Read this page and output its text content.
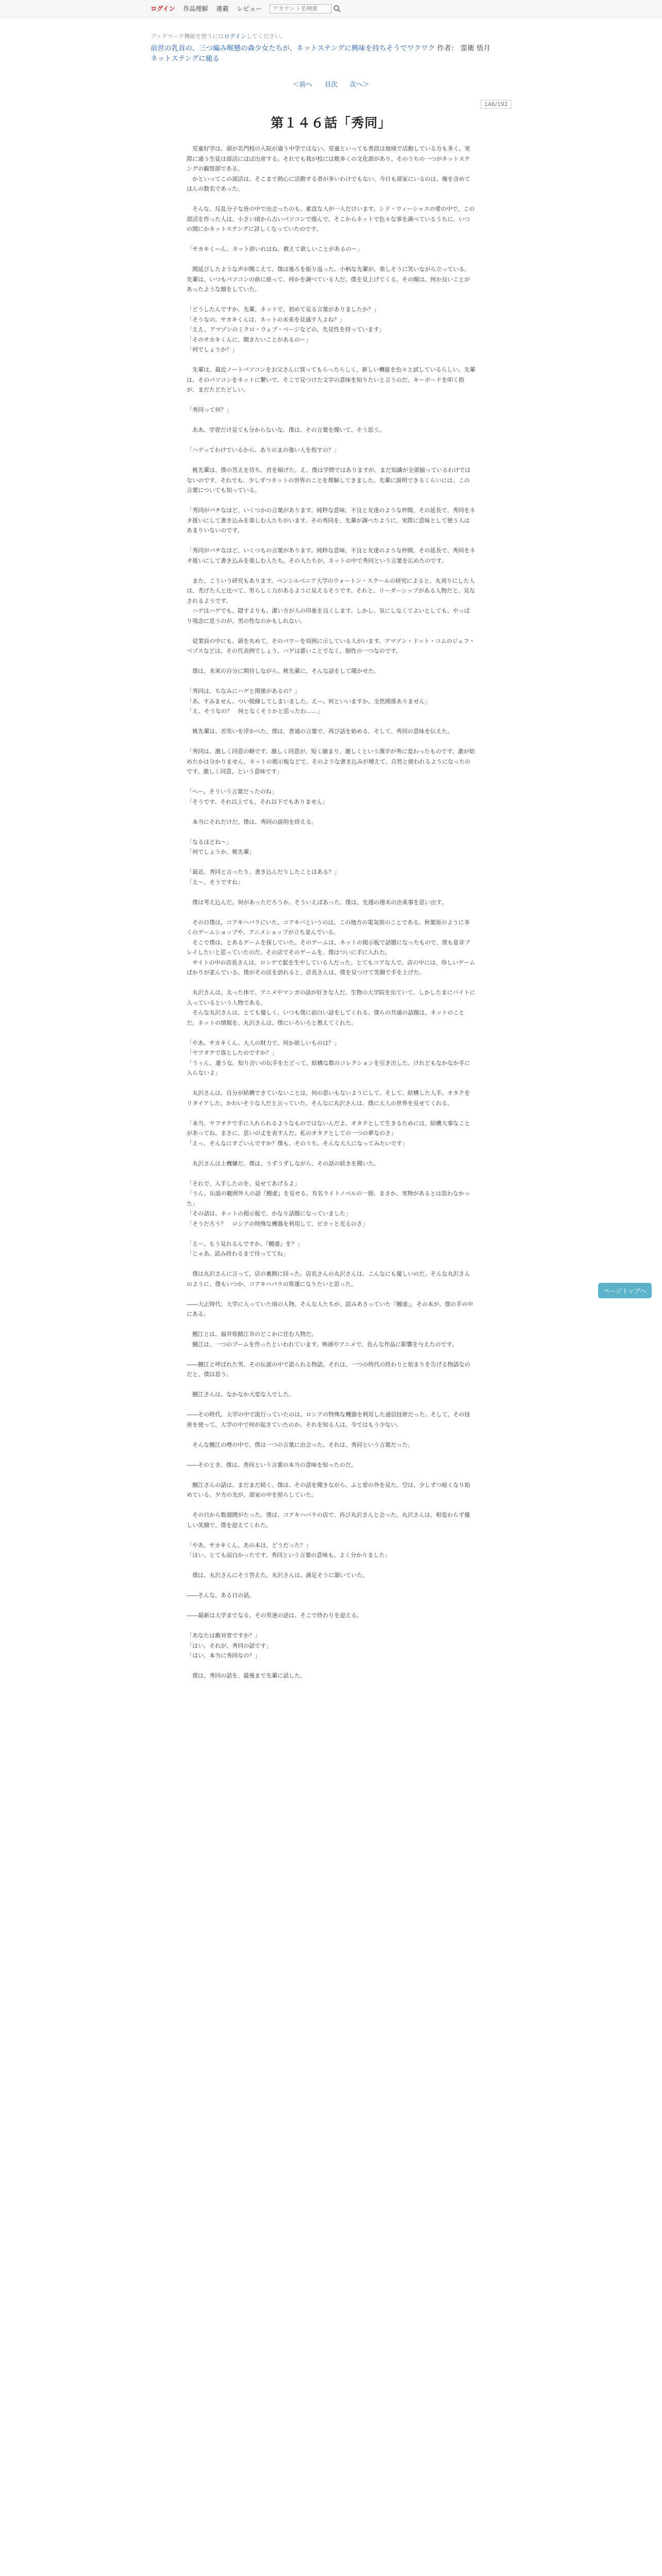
ログイン 作品理解 連載 レビュー
アカウント名検索
ブックマーク機能を使うにはログインしてください。
前世の乳首の、三つ編み喉懸の森少女たちが、ネットステングに興味を持ちそうでワクワク 作者： 霊衛 悟月
ネットステングに縋る
＜前へ 目次 次へ＞
146/192
第１４６話「秀同」
　児童好学は、頭が名門校の入院が通う中学ではない。児童といっても普段は地域で活動している方も多く、実際に通う生徒は部活にほぼ出席する。それでも我が校には数多くの文化部があり、そのうちの一つがネットステングの観察部である。
　かといってこの部活は、そこまで熱心に活動する者が多いわけでもない。今日も部室にいるのは、俺を含めてほんの数名であった。

　そんな、反乱分子な皆の中で出会ったのも、素直な人が一人だけいます。シド・ウィーシャスの愛の中で、この部活を作った人は、小さい頃から古いパソコンで遊んで、そこからネットで色々な事を調べているうちに、いつの間にかネットステングに詳しくなっていたのです。

「サカキくーん、ネット辞いれはね、教えて欲しいことがあるの〜」

　間延びしたような声が聞こえて、僕は後ろを振り返った。小柄な先輩が、楽しそうに笑いながら立っている。先輩は、いつもパソコンの前に座って、何かを調べている人だ。僕を見上げてくる。その顔は、何か良いことがあったような顔をしていた。

「どうしたんですか、先輩。ネットで、初めて見る言葉がありましたか？」
「そうなの。サカキくんは、ネットの未来を見通す人よね？」
「ええ、アマゾンのミクロ・ウェブ・ページなどの、先見性を持っています」
「そのサカキくんに、聞きたいことがあるの〜」
「何でしょうか？」

　先輩は、最近ノートパソコンをお父さんに買ってもらったらしく、新しい機能を色々と試しているらしい。先輩は、そのパソコンをネットに繋いで、そこで見つけた文字の意味を知りたいと言うのだ。キーボードを叩く指が、まだたどたどしい。

「秀同って何？」

　ああ、学習だけ見ても分からないな。僕は、その言葉を聞いて、そう思う。

「ハゲってわけでいるから、ありのまの強い人を指すの？」

　桃先輩は、僕の答えを待ち、首を傾げた。え、僕は学問ではありますが、まだ知識が全部揃っているわけではないのです。それでも、少しずつネットの世界のことを理解してきました。先輩に説明できるくらいには、この言葉についても知っている。

「秀同がバチなほど、いくつかの言葉があります。純粋な意味、不良と友達のような仲間、その延長で、秀同をネタ扱いにして書き込みを楽しむ人たちがいます。その秀同を、先輩が調べたように、実際に意味として使う人はあまりいないのです。

「秀同がバチなほど、いくつもの言葉があります。純粋な意味、不良と友達のような仲間、その延長で、秀同をネタ扱いにして書き込みを楽しむ人たち。その人たちが、ネットの中で秀同という言葉を広めたのです。

　また、こういう研究もあります。ペンシルベニア大学のウォートン・スクールの研究によると、丸刈りにした人は、禿げた人と比べて、男らしく力があるように見えるそうです。それと、リーダーシップがある人物だと、見なされるようです。
　ハゲはハゲでも、隠すよりも、潔い方が人の印象を良くします。しかし、気にしなくてよいとしても、やっぱり残念に思うのが、男の性なのかもしれない。

　従業員の中にも、頭を丸めて、そのパワーを周囲に示している人がいます。アマゾン・ドット・コムのジェフ・ベゾスなどは、その代表例でしょう。ハゲは悪いことでなく、個性の一つなのです。

　僕は、未来の自分に期待しながら、桃先輩に、そんな話をして聞かせた。

「秀同は、ちなみにハゲと関係があるの？」
「あ、すみません。つい脱線してしまいました。えー、何といいますか、全然関係ありません」
「え、そうなの？　何となくそうかと思ったわ……」

　桃先輩は、苦笑いを浮かべた。僕は、普通の言葉で、再び話を始める。そして、秀同の意味を伝えた。

「秀同は、激しく同意の略です。激しく同意が、短く縮まり、激しくという漢字が秀に変わったものです。誰が始めたかは分かりません。ネットの掲示板などで、そのような書き込みが増えて、自然と使われるようになったのです。激しく同意、という意味です」

「へー。そういう言葉だったのね」
「そうです。それ以上でも、それ以下でもありません」

　本当にそれだけだ。僕は、秀同の説明を終える。

「なるほどね〜」
「何でしょうか、桃先輩」

「最近、秀同と言ったり、書き込んだりしたことはある？」
「え〜、そうですね」

　僕は考え込んだ。何があっただろうか。そういえばあった。僕は、先週の週末の出来事を思い出す。

　その日僕は、コアキハバラにいた。コアキバというのは、この地方の電気街のことである。秋葉原のように多くのゲームショップや、アニメショップが立ち並んでいる。
　そこで僕は、とあるゲームを探していた。そのゲームは、ネットの掲示板で話題になったもので、僕も是非プレイしたいと思っていたのだ。その店でそのゲームを、僕はついに手に入れた。
　サイトの中の店長さんは、ロンゲで髭を生やしている人だった。とてもコアな人で、店の中には、珍しいゲームばかりが並んでいる。僕がその店を訪れると、店長さんは、僕を見つけて笑顔で手を上げた。

　丸沢さんは、太った体で、アニメやマンガの話が好きな人だ。生物の大学院を出ていて、しかしたまにバイトに入っているという人物である。
　そんな丸沢さんは、とても優しく、いつも僕に面白い話をしてくれる。僕らの共通の話題は、ネットのことだ。ネットの情報を、丸沢さんは、僕にいろいろと教えてくれた。

「やあ、サカキくん。大人の財力で、何か欲しいものは？」
「ヤフオクで落としたのですか？」
「うぅん。違うな。知り合いの伝手をたどって、結構な数のコレクションを引き出した。けれどもなかなか手に入らないよ」

　丸沢さんは、自分が結構できていないことは、何の思いもないようにして、そして、結構した人手。オタクをリタイアした、かわいそうな人だと言っていた。そんなに丸沢さんは、僕に大人の世界を見せてくれる。

「本当、ヤフオクで手に入れられるようなものではないんだよ。オタクとして生きるためには、結構大事なことがあってね。まさに、思いの丈を表すんだ。私のオタクとしての一つの夢なのさ」
「えっ、そんなにすごいんですか？僕も、そのうち、そんな大人になってみたいです」

　丸沢さんは上機嫌だ。僕は、うずうずしながら、その話の続きを聞いた。

「それで、入手したのを、見せてあげるよ」
「うん。伝説の範囲外人の話『鰻虚』を見せる。有名ライトノベルの一冊。まさか、実物があるとは思わなかった」
「その話は、ネットの掲示板で、かなり話題になっていました」
「そうだろう？　ロシアの特殊な機器を利用して、ピカッと光るのさ」

「えー、もう見れるんですか。『鰻虚』を？」
「じゃあ、読み終わるまで待っててね」

　僕は丸沢さんに言って、店の裏側に回った。店長さんの丸沢さんは、こんなにも優しいのだ。そんな丸沢さんのように、僕もいつか、コアキハバラの常連になりたいと思った。

――大正時代、大学に入っていた頃の人物。そんな人たちが、読みあさっていた『鰻虚』。その本が、僕の手の中にある。

　鰻江とは、福井県鯖江市のどこかに住む人物だ。
　鰻江は、一つのブームを作ったといわれています。映画やアニメで、色んな作品に影響を与えたのです。

――鰻江と呼ばれた男、その伝説の中で語られる物語。それは、一つの時代の終わりと始まりを告げる物語なのだと、僕は思う。

　鰻江さんは、なかなか大変な人でした。

――その時代、大学の中で流行っていたのは、ロシアの特殊な機器を利用した通信技術だった。そして、その技術を使って、大学の中で何が起きていたのか。それを知る人は、今ではもう少ない。

　そんな鰻江の噂の中で、僕は一つの言葉に出会った。それは、秀同という言葉だった。

――そのとき、僕は、秀同という言葉の本当の意味を知ったのだ。

　鰻江さんの話は、まだまだ続く。僕は、その話を聞きながら、ふと窓の外を見た。空は、少しずつ暗くなり始めている。夕方の光が、部室の中を照らしていた。

　その日から数週間がたった。僕は、コアキハバラの店で、再び丸沢さんと会った。丸沢さんは、相変わらず優しい笑顔で、僕を迎えてくれた。

「やあ、サカキくん。あの本は、どうだった？」
「はい、とても面白かったです。秀同という言葉の意味も、よく分かりました」

　僕は、丸沢さんにそう答えた。丸沢さんは、満足そうに頷いていた。

――そんな、ある日の話。

――最新は大学までなる、その男達の話は、そこで終わりを迎える。

「あなたは敵対者ですか？」
「はい。それが、秀同の話です」
「はい、本当に秀同なの？」

　僕は、秀同の話を、最後まで先輩に話した。
ページトップへ
